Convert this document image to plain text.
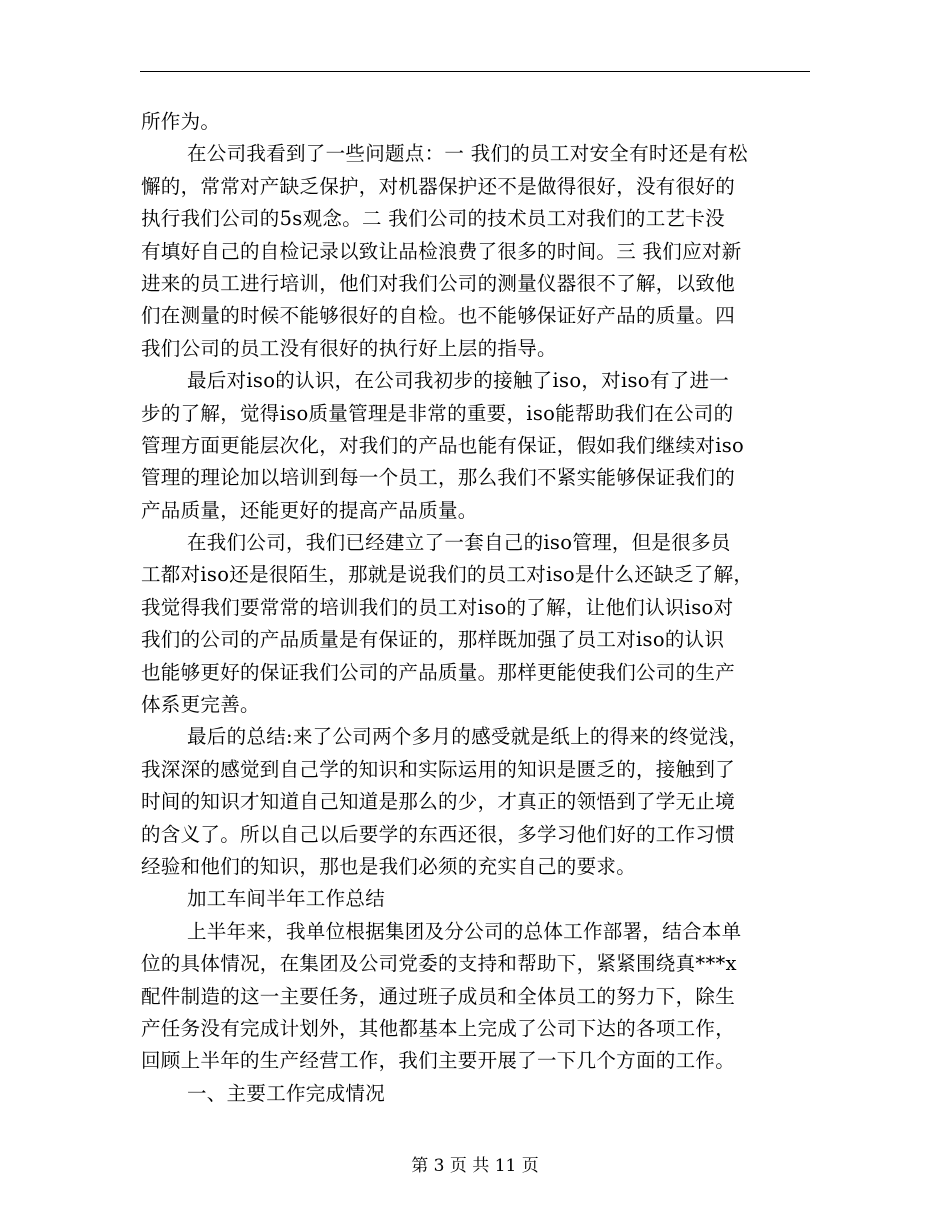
所作为。
在公司我看到了一些问题点：一 我们的员工对安全有时还是有松
懈的，常常对产缺乏保护，对机器保护还不是做得很好，没有很好的
执行我们公司的5s观念。二 我们公司的技术员工对我们的工艺卡没
有填好自己的自检记录以致让品检浪费了很多的时间。三 我们应对新
进来的员工进行培训，他们对我们公司的测量仪器很不了解，以致他
们在测量的时候不能够很好的自检。也不能够保证好产品的质量。四
我们公司的员工没有很好的执行好上层的指导。
最后对iso的认识，在公司我初步的接触了iso，对iso有了进一
步的了解，觉得iso质量管理是非常的重要，iso能帮助我们在公司的
管理方面更能层次化，对我们的产品也能有保证，假如我们继续对iso
管理的理论加以培训到每一个员工，那么我们不紧实能够保证我们的
产品质量，还能更好的提高产品质量。
在我们公司，我们已经建立了一套自己的iso管理，但是很多员
工都对iso还是很陌生，那就是说我们的员工对iso是什么还缺乏了解，
我觉得我们要常常的培训我们的员工对iso的了解，让他们认识iso对
我们的公司的产品质量是有保证的，那样既加强了员工对iso的认识
也能够更好的保证我们公司的产品质量。那样更能使我们公司的生产
体系更完善。
最后的总结:来了公司两个多月的感受就是纸上的得来的终觉浅，
我深深的感觉到自己学的知识和实际运用的知识是匮乏的，接触到了
时间的知识才知道自己知道是那么的少，才真正的领悟到了学无止境
的含义了。所以自己以后要学的东西还很，多学习他们好的工作习惯
经验和他们的知识，那也是我们必须的充实自己的要求。
加工车间半年工作总结
上半年来，我单位根据集团及分公司的总体工作部署，结合本单
位的具体情况，在集团及公司党委的支持和帮助下，紧紧围绕真***x
配件制造的这一主要任务，通过班子成员和全体员工的努力下，除生
产任务没有完成计划外，其他都基本上完成了公司下达的各项工作，
回顾上半年的生产经营工作，我们主要开展了一下几个方面的工作。
一、主要工作完成情况
第 3 页 共 11 页
